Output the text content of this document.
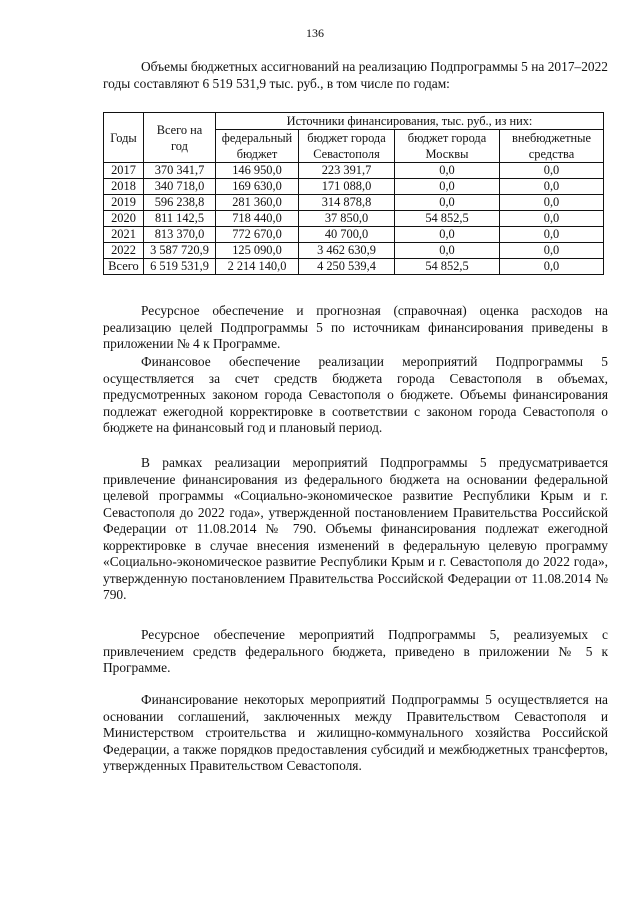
136

Объемы бюджетных ассигнований на реализацию Подпрограммы 5 на 2017–2022 годы составляют 6 519 531,9 тыс. руб., в том числе по годам:

Годы	Всего на год	Источники финансирования, тыс. руб., из них:			
		федеральный бюджет	бюджет города Севастополя	бюджет города Москвы	внебюджетные средства
2017	370 341,7	146 950,0	223 391,7	0,0	0,0
2018	340 718,0	169 630,0	171 088,0	0,0	0,0
2019	596 238,8	281 360,0	314 878,8	0,0	0,0
2020	811 142,5	718 440,0	37 850,0	54 852,5	0,0
2021	813 370,0	772 670,0	40 700,0	0,0	0,0
2022	3 587 720,9	125 090,0	3 462 630,9	0,0	0,0
Всего	6 519 531,9	2 214 140,0	4 250 539,4	54 852,5	0,0

Ресурсное обеспечение и прогнозная (справочная) оценка расходов на реализацию целей Подпрограммы 5 по источникам финансирования приведены в приложении № 4 к Программе.

Финансовое обеспечение реализации мероприятий Подпрограммы 5 осуществляется за счет средств бюджета города Севастополя в объемах, предусмотренных законом города Севастополя о бюджете. Объемы финансирования подлежат ежегодной корректировке в соответствии с законом города Севастополя о бюджете на финансовый год и плановый период.

В рамках реализации мероприятий Подпрограммы 5 предусматривается привлечение финансирования из федерального бюджета на основании федеральной целевой программы «Социально-экономическое развитие Республики Крым и г. Севастополя до 2022 года», утвержденной постановлением Правительства Российской Федерации от 11.08.2014 № 790. Объемы финансирования подлежат ежегодной корректировке в случае внесения изменений в федеральную целевую программу «Социально-экономическое развитие Республики Крым и г. Севастополя до 2022 года», утвержденную постановлением Правительства Российской Федерации от 11.08.2014 № 790.

Ресурсное обеспечение мероприятий Подпрограммы 5, реализуемых с привлечением средств федерального бюджета, приведено в приложении № 5 к Программе.

Финансирование некоторых мероприятий Подпрограммы 5 осуществляется на основании соглашений, заключенных между Правительством Севастополя и Министерством строительства и жилищно-коммунального хозяйства Российской Федерации, а также порядков предоставления субсидий и межбюджетных трансфертов, утвержденных Правительством Севастополя.
